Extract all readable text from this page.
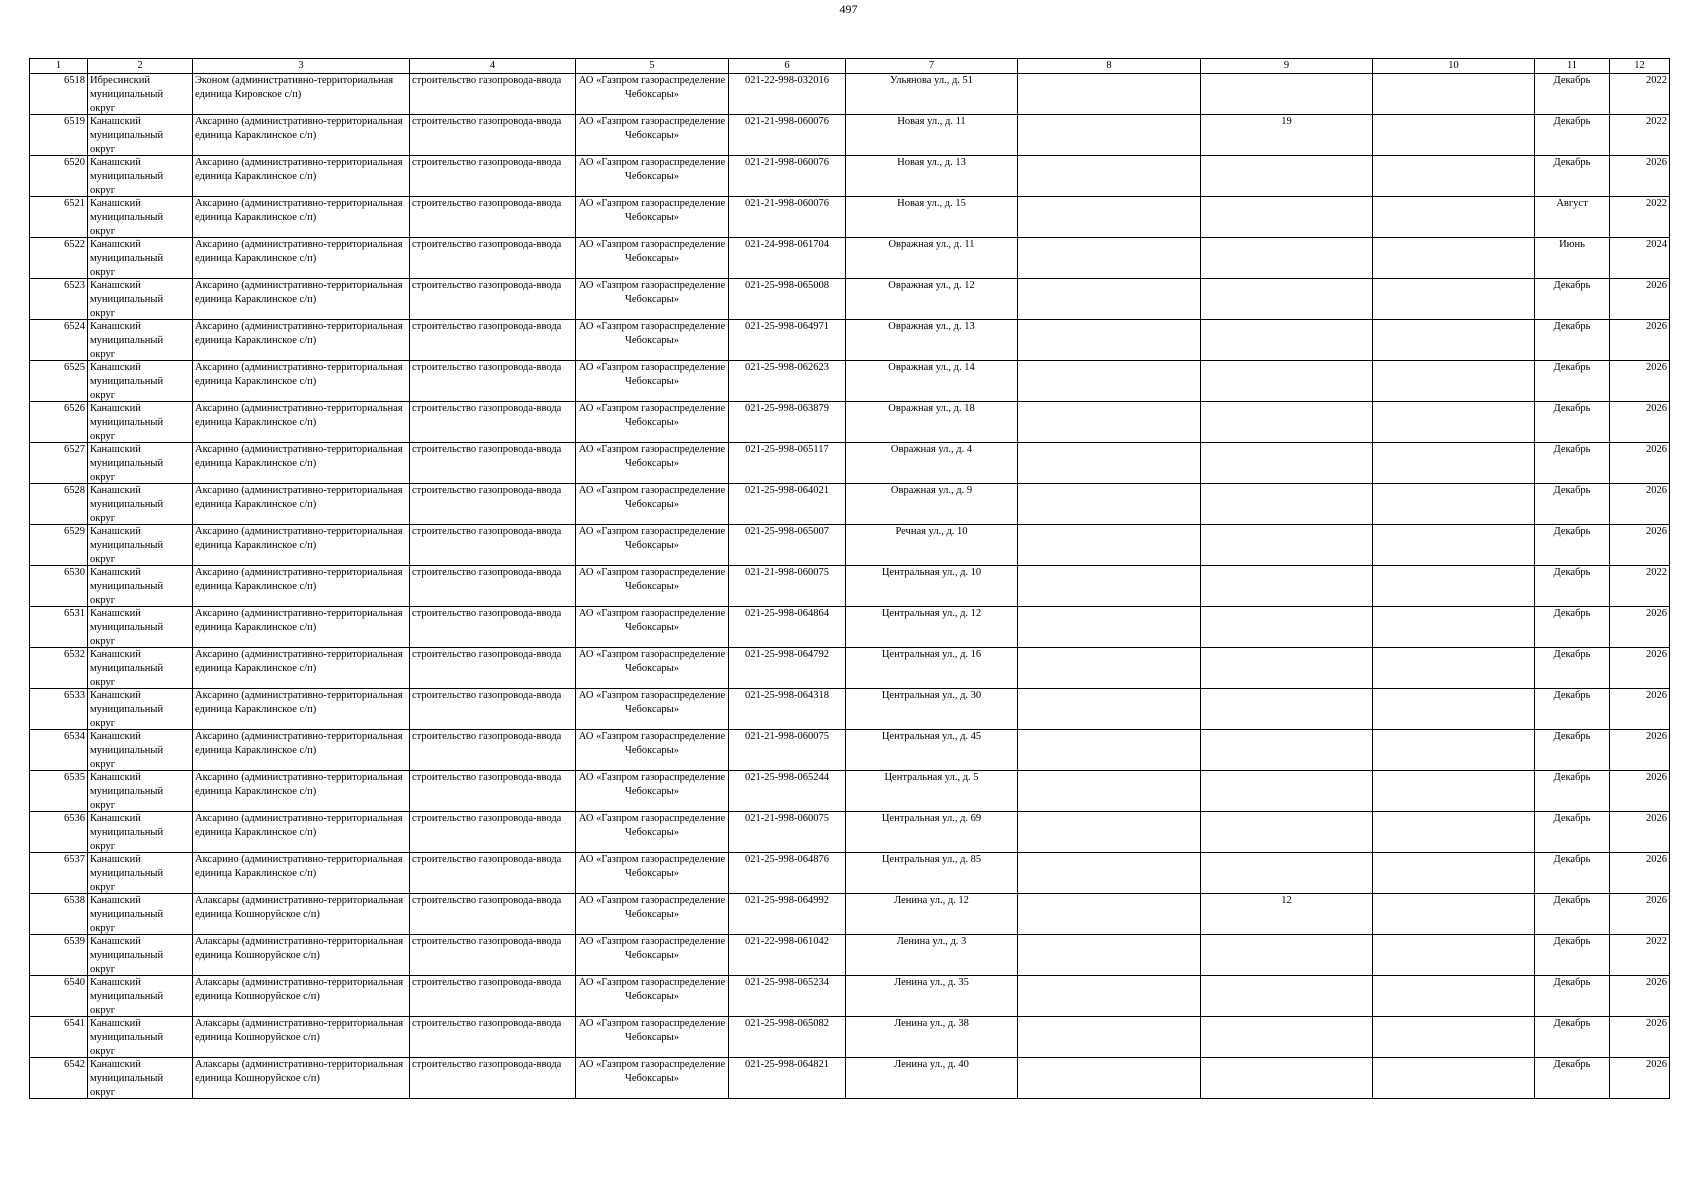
497
1	2	3	4	5	6	7	8	9	10	11	12

6518	Ибресинский муниципальный округ	Эконом (административно-территориальная единица Кировское с/п)	строительство газопровода-ввода	АО «Газпром газораспределение Чебоксары»	021-22-998-032016	Ульянова ул., д. 51				Декабрь	2022

6519	Канашский муниципальный округ	Аксарино (административно-территориальная единица Караклинское с/п)	строительство газопровода-ввода	АО «Газпром газораспределение Чебоксары»	021-21-998-060076	Новая ул., д. 11		19		Декабрь	2022

6520	Канашский муниципальный округ	Аксарино (административно-территориальная единица Караклинское с/п)	строительство газопровода-ввода	АО «Газпром газораспределение Чебоксары»	021-21-998-060076	Новая ул., д. 13				Декабрь	2026

6521	Канашский муниципальный округ	Аксарино (административно-территориальная единица Караклинское с/п)	строительство газопровода-ввода	АО «Газпром газораспределение Чебоксары»	021-21-998-060076	Новая ул., д. 15				Август	2022

6522	Канашский муниципальный округ	Аксарино (административно-территориальная единица Караклинское с/п)	строительство газопровода-ввода	АО «Газпром газораспределение Чебоксары»	021-24-998-061704	Овражная ул., д. 11				Июнь	2024

6523	Канашский муниципальный округ	Аксарино (административно-территориальная единица Караклинское с/п)	строительство газопровода-ввода	АО «Газпром газораспределение Чебоксары»	021-25-998-065008	Овражная ул., д. 12				Декабрь	2026

6524	Канашский муниципальный округ	Аксарино (административно-территориальная единица Караклинское с/п)	строительство газопровода-ввода	АО «Газпром газораспределение Чебоксары»	021-25-998-064971	Овражная ул., д. 13				Декабрь	2026

6525	Канашский муниципальный округ	Аксарино (административно-территориальная единица Караклинское с/п)	строительство газопровода-ввода	АО «Газпром газораспределение Чебоксары»	021-25-998-062623	Овражная ул., д. 14				Декабрь	2026

6526	Канашский муниципальный округ	Аксарино (административно-территориальная единица Караклинское с/п)	строительство газопровода-ввода	АО «Газпром газораспределение Чебоксары»	021-25-998-063879	Овражная ул., д. 18				Декабрь	2026

6527	Канашский муниципальный округ	Аксарино (административно-территориальная единица Караклинское с/п)	строительство газопровода-ввода	АО «Газпром газораспределение Чебоксары»	021-25-998-065117	Овражная ул., д. 4				Декабрь	2026

6528	Канашский муниципальный округ	Аксарино (административно-территориальная единица Караклинское с/п)	строительство газопровода-ввода	АО «Газпром газораспределение Чебоксары»	021-25-998-064021	Овражная ул., д. 9				Декабрь	2026

6529	Канашский муниципальный округ	Аксарино (административно-территориальная единица Караклинское с/п)	строительство газопровода-ввода	АО «Газпром газораспределение Чебоксары»	021-25-998-065007	Речная ул., д. 10				Декабрь	2026

6530	Канашский муниципальный округ	Аксарино (административно-территориальная единица Караклинское с/п)	строительство газопровода-ввода	АО «Газпром газораспределение Чебоксары»	021-21-998-060075	Центральная ул., д. 10				Декабрь	2022

6531	Канашский муниципальный округ	Аксарино (административно-территориальная единица Караклинское с/п)	строительство газопровода-ввода	АО «Газпром газораспределение Чебоксары»	021-25-998-064864	Центральная ул., д. 12				Декабрь	2026

6532	Канашский муниципальный округ	Аксарино (административно-территориальная единица Караклинское с/п)	строительство газопровода-ввода	АО «Газпром газораспределение Чебоксары»	021-25-998-064792	Центральная ул., д. 16				Декабрь	2026

6533	Канашский муниципальный округ	Аксарино (административно-территориальная единица Караклинское с/п)	строительство газопровода-ввода	АО «Газпром газораспределение Чебоксары»	021-25-998-064318	Центральная ул., д. 30				Декабрь	2026

6534	Канашский муниципальный округ	Аксарино (административно-территориальная единица Караклинское с/п)	строительство газопровода-ввода	АО «Газпром газораспределение Чебоксары»	021-21-998-060075	Центральная ул., д. 45				Декабрь	2026

6535	Канашский муниципальный округ	Аксарино (административно-территориальная единица Караклинское с/п)	строительство газопровода-ввода	АО «Газпром газораспределение Чебоксары»	021-25-998-065244	Центральная ул., д. 5				Декабрь	2026

6536	Канашский муниципальный округ	Аксарино (административно-территориальная единица Караклинское с/п)	строительство газопровода-ввода	АО «Газпром газораспределение Чебоксары»	021-21-998-060075	Центральная ул., д. 69				Декабрь	2026

6537	Канашский муниципальный округ	Аксарино (административно-территориальная единица Караклинское с/п)	строительство газопровода-ввода	АО «Газпром газораспределение Чебоксары»	021-25-998-064876	Центральная ул., д. 85				Декабрь	2026

6538	Канашский муниципальный округ	Алаксары (административно-территориальная единица Кошноруйское с/п)	строительство газопровода-ввода	АО «Газпром газораспределение Чебоксары»	021-25-998-064992	Ленина ул., д. 12		12		Декабрь	2026

6539	Канашский муниципальный округ	Алаксары (административно-территориальная единица Кошноруйское с/п)	строительство газопровода-ввода	АО «Газпром газораспределение Чебоксары»	021-22-998-061042	Ленина ул., д. 3				Декабрь	2022

6540	Канашский муниципальный округ	Алаксары (административно-территориальная единица Кошноруйское с/п)	строительство газопровода-ввода	АО «Газпром газораспределение Чебоксары»	021-25-998-065234	Ленина ул., д. 35				Декабрь	2026

6541	Канашский муниципальный округ	Алаксары (административно-территориальная единица Кошноруйское с/п)	строительство газопровода-ввода	АО «Газпром газораспределение Чебоксары»	021-25-998-065082	Ленина ул., д. 38				Декабрь	2026

6542	Канашский муниципальный округ	Алаксары (административно-территориальная единица Кошноруйское с/п)	строительство газопровода-ввода	АО «Газпром газораспределение Чебоксары»	021-25-998-064821	Ленина ул., д. 40				Декабрь	2026
